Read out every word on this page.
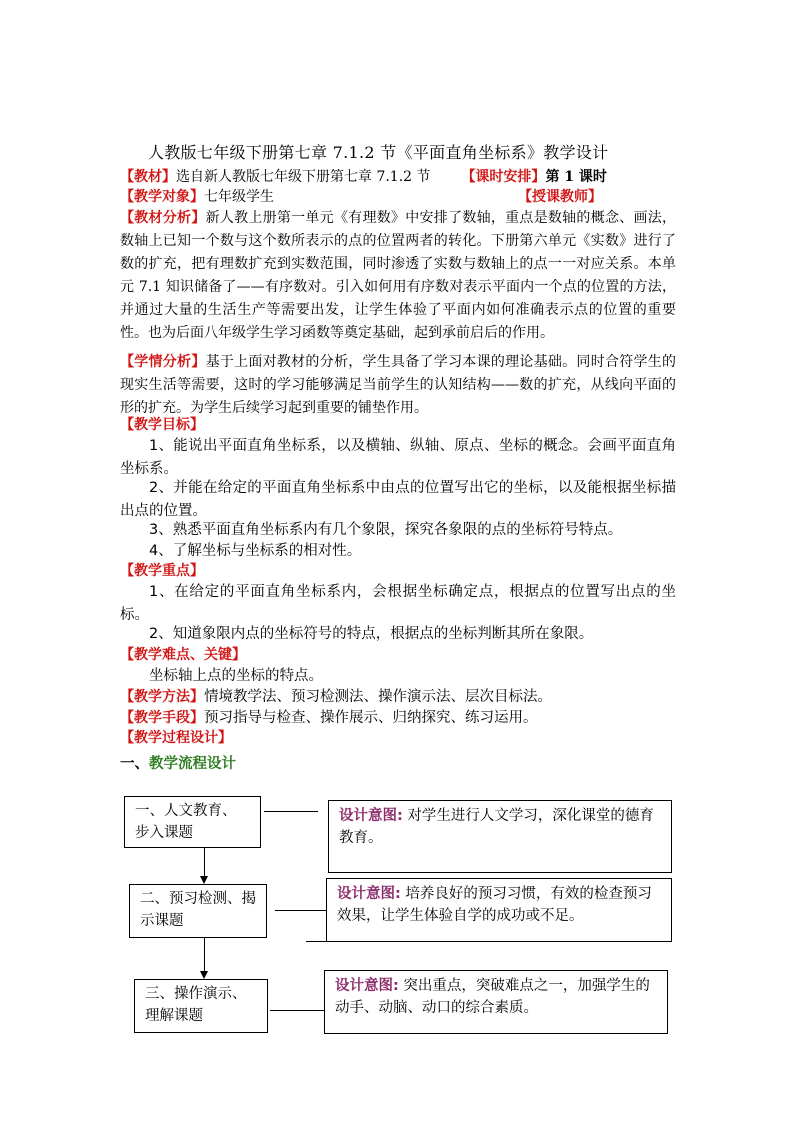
人教版七年级下册第七章 7.1.2 节《平面直角坐标系》教学设计
【教材】选自新人教版七年级下册第七章 7.1.2 节 【课时安排】第 1 课时
【教学对象】七年级学生	【授课教师】
【教材分析】新人教上册第一单元《有理数》中安排了数轴，重点是数轴的概念、画法，数轴上已知一个数与这个数所表示的点的位置两者的转化。下册第六单元《实数》进行了数的扩充，把有理数扩充到实数范围，同时渗透了实数与数轴上的点一一对应关系。本单元 7.1 知识储备了——有序数对。引入如何用有序数对表示平面内一个点的位置的方法，并通过大量的生活生产等需要出发，让学生体验了平面内如何准确表示点的位置的重要性。也为后面八年级学生学习函数等奠定基础，起到承前启后的作用。
【学情分析】基于上面对教材的分析，学生具备了学习本课的理论基础。同时合符学生的现实生活等需要，这时的学习能够满足当前学生的认知结构——数的扩充，从线向平面的形的扩充。为学生后续学习起到重要的铺垫作用。
【教学目标】
1、能说出平面直角坐标系，以及横轴、纵轴、原点、坐标的概念。会画平面直角坐标系。
2、并能在给定的平面直角坐标系中由点的位置写出它的坐标，以及能根据坐标描出点的位置。
3、熟悉平面直角坐标系内有几个象限，探究各象限的点的坐标符号特点。
4、了解坐标与坐标系的相对性。
【教学重点】
1、在给定的平面直角坐标系内，会根据坐标确定点，根据点的位置写出点的坐标。
2、知道象限内点的坐标符号的特点，根据点的坐标判断其所在象限。
【教学难点、关键】
坐标轴上点的坐标的特点。
【教学方法】情境教学法、预习检测法、操作演示法、层次目标法。
【教学手段】预习指导与检查、操作展示、归纳探究、练习运用。
【教学过程设计】
一、教学流程设计
一、人文教育、步入课题
二、预习检测、揭示课题
三、操作演示、理解课题
设计意图: 对学生进行人文学习，深化课堂的德育教育。
设计意图: 培养良好的预习习惯，有效的检查预习效果，让学生体验自学的成功或不足。
设计意图: 突出重点，突破难点之一，加强学生的动手、动脑、动口的综合素质。
